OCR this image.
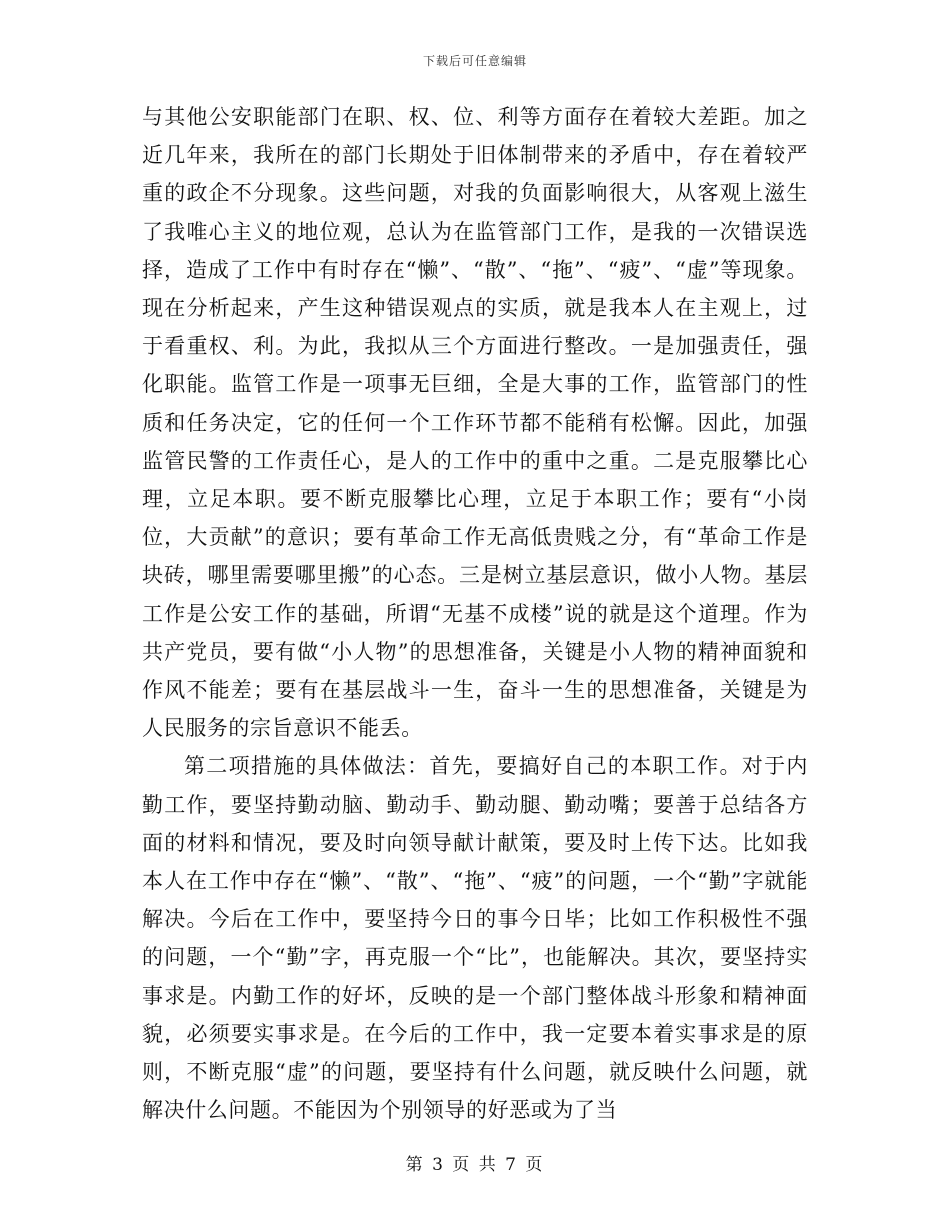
下载后可任意编辑

与其他公安职能部门在职、权、位、利等方面存在着较大差距。加之近几年来，我所在的部门长期处于旧体制带来的矛盾中，存在着较严重的政企不分现象。这些问题，对我的负面影响很大，从客观上滋生了我唯心主义的地位观，总认为在监管部门工作，是我的一次错误选择，造成了工作中有时存在“懒”、“散”、“拖”、“疲”、“虚”等现象。现在分析起来，产生这种错误观点的实质，就是我本人在主观上，过于看重权、利。为此，我拟从三个方面进行整改。一是加强责任，强化职能。监管工作是一项事无巨细，全是大事的工作，监管部门的性质和任务决定，它的任何一个工作环节都不能稍有松懈。因此，加强监管民警的工作责任心，是人的工作中的重中之重。二是克服攀比心理，立足本职。要不断克服攀比心理，立足于本职工作；要有“小岗位，大贡献”的意识；要有革命工作无高低贵贱之分，有“革命工作是块砖，哪里需要哪里搬”的心态。三是树立基层意识，做小人物。基层工作是公安工作的基础，所谓“无基不成楼”说的就是这个道理。作为共产党员，要有做“小人物”的思想准备，关键是小人物的精神面貌和作风不能差；要有在基层战斗一生，奋斗一生的思想准备，关键是为人民服务的宗旨意识不能丢。

第二项措施的具体做法：首先，要搞好自己的本职工作。对于内勤工作，要坚持勤动脑、勤动手、勤动腿、勤动嘴；要善于总结各方面的材料和情况，要及时向领导献计献策，要及时上传下达。比如我本人在工作中存在“懒”、“散”、“拖”、“疲”的问题，一个“勤”字就能解决。今后在工作中，要坚持今日的事今日毕；比如工作积极性不强的问题，一个“勤”字，再克服一个“比”，也能解决。其次，要坚持实事求是。内勤工作的好坏，反映的是一个部门整体战斗形象和精神面貌，必须要实事求是。在今后的工作中，我一定要本着实事求是的原则，不断克服“虚”的问题，要坚持有什么问题，就反映什么问题，就解决什么问题。不能因为个别领导的好恶或为了当

第 3 页 共 7 页
